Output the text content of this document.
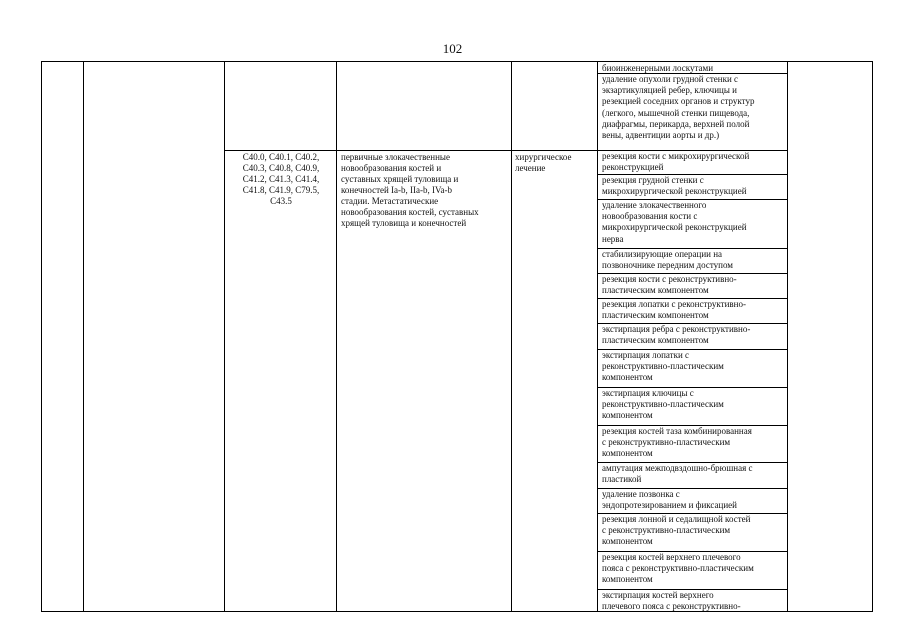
102
C40.0, C40.1, C40.2,
C40.3, C40.8, C40.9,
C41.2, C41.3, C41.4,
C41.8, C41.9, C79.5,
C43.5
первичные злокачественные
новообразования костей и
суставных хрящей туловища и
конечностей Ia-b, IIa-b, IVa-b
стадии. Метастатические
новообразования костей, суставных
хрящей туловища и конечностей
хирургическое
лечение
биоинженерными лоскутами
удаление опухоли грудной стенки с
экзартикуляцией ребер, ключицы и
резекцией соседних органов и структур
(легкого, мышечной стенки пищевода,
диафрагмы, перикарда, верхней полой
вены, адвентиции аорты и др.)
резекция кости с микрохирургической
реконструкцией
резекция грудной стенки с
микрохирургической реконструкцией
удаление злокачественного
новообразования кости с
микрохирургической реконструкцией
нерва
стабилизирующие операции на
позвоночнике передним доступом
резекция кости с реконструктивно-
пластическим компонентом
резекция лопатки с реконструктивно-
пластическим компонентом
экстирпация ребра с реконструктивно-
пластическим компонентом
экстирпация лопатки с
реконструктивно-пластическим
компонентом
экстирпация ключицы с
реконструктивно-пластическим
компонентом
резекция костей таза комбинированная
с реконструктивно-пластическим
компонентом
ампутация межподвздошно-брюшная с
пластикой
удаление позвонка с
эндопротезированием и фиксацией
резекция лонной и седалищной костей
с реконструктивно-пластическим
компонентом
резекция костей верхнего плечевого
пояса с реконструктивно-пластическим
компонентом
экстирпация костей верхнего
плечевого пояса с реконструктивно-
